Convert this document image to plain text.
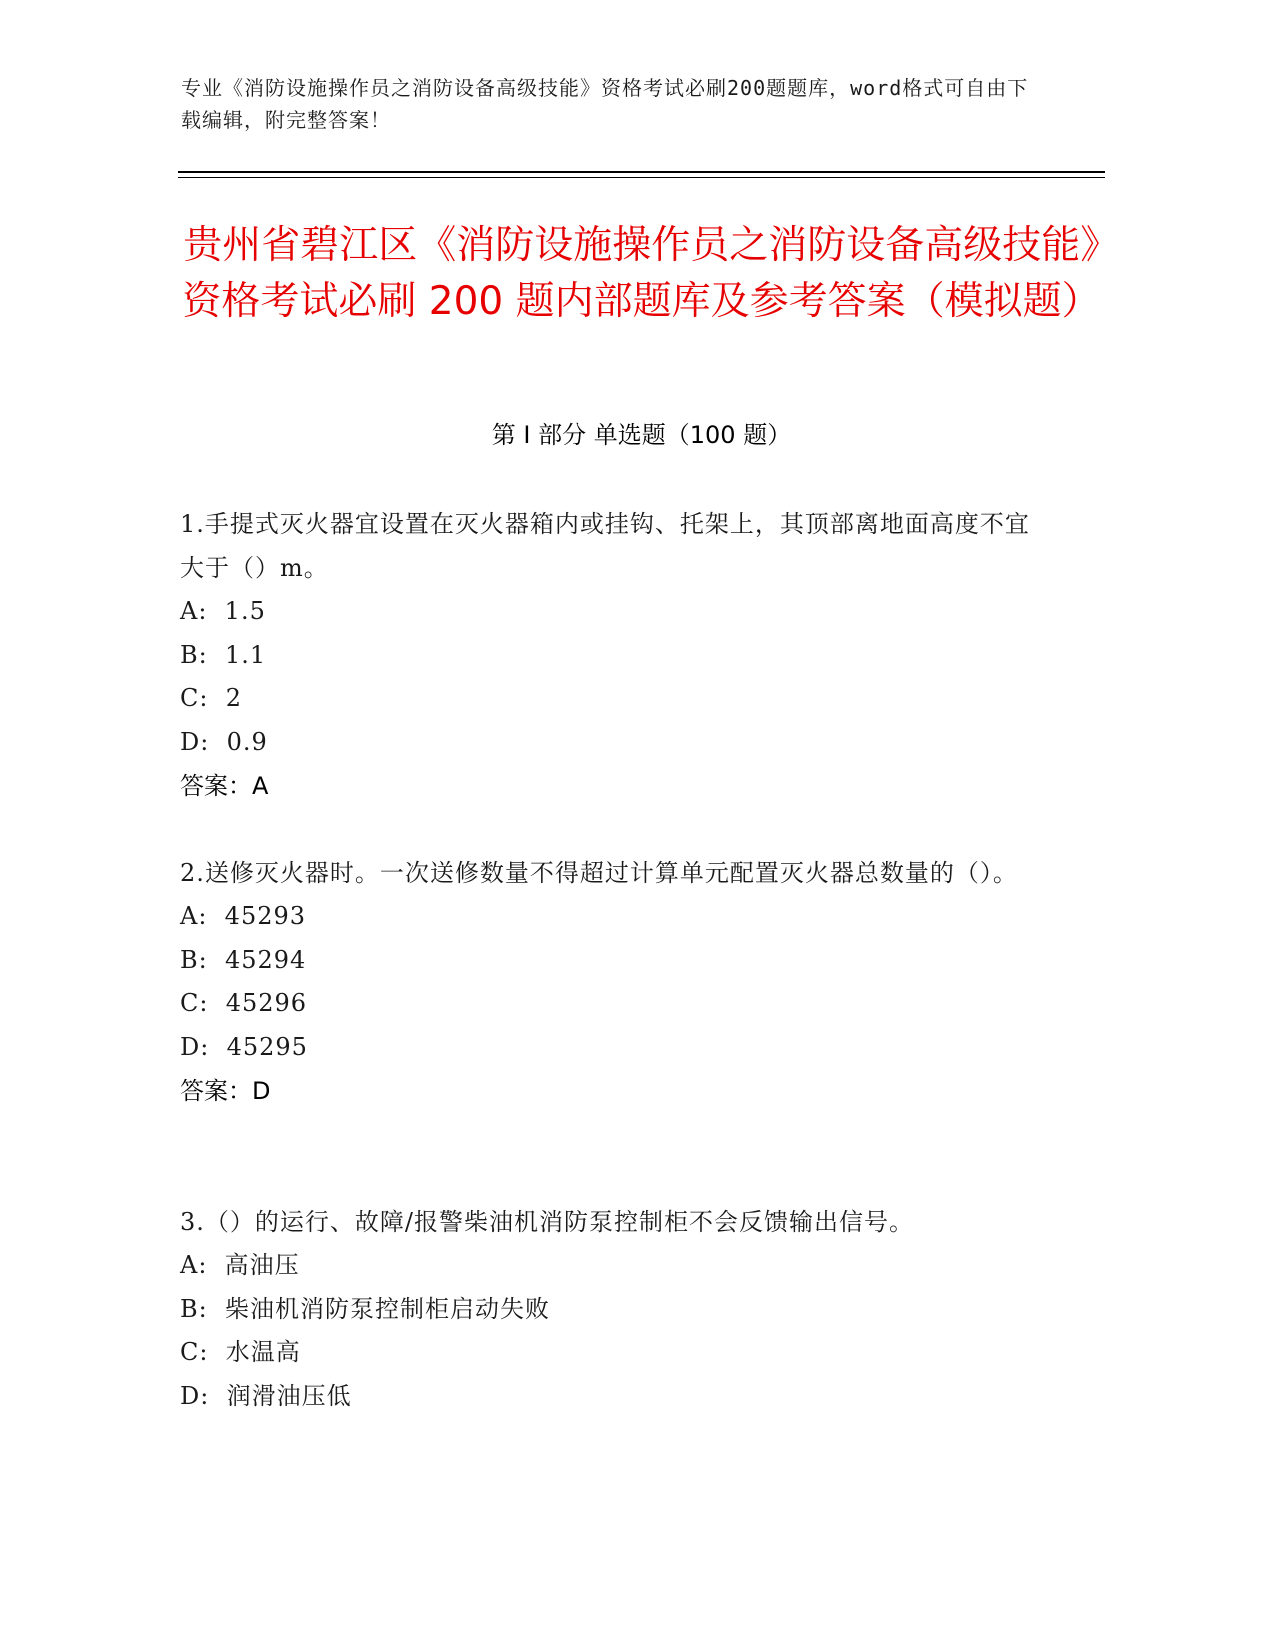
专业《消防设施操作员之消防设备高级技能》资格考试必刷200题题库，word格式可自由下载编辑，附完整答案！
贵州省碧江区《消防设施操作员之消防设备高级技能》资格考试必刷 200 题内部题库及参考答案（模拟题）
第 I 部分 单选题（100 题）
1.手提式灭火器宜设置在灭火器箱内或挂钩、托架上，其顶部离地面高度不宜大于（）m。
A:  1.5
B:  1.1
C:  2
D:  0.9
答案：A
2.送修灭火器时。一次送修数量不得超过计算单元配置灭火器总数量的（）。
A:  45293
B:  45294
C:  45296
D:  45295
答案：D
3.（）的运行、故障/报警柴油机消防泵控制柜不会反馈输出信号。
A:  高油压
B:  柴油机消防泵控制柜启动失败
C:  水温高
D:  润滑油压低
